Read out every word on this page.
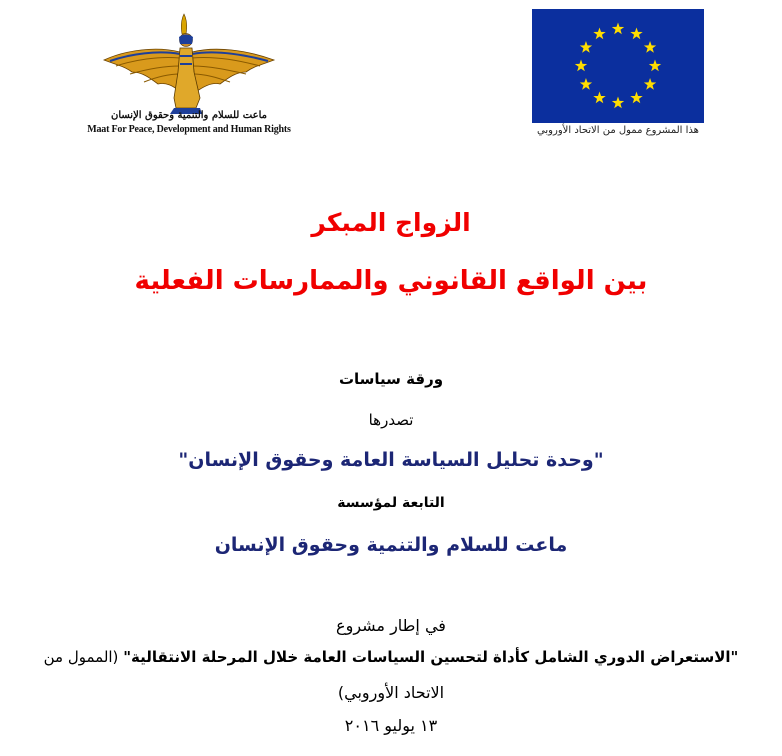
ماعت للسلام والتنمية وحقوق الإنسان
Maat For Peace, Development and Human Rights	هذا المشروع ممول من الاتحاد الأوروبي
الزواج المبكر
بين الواقع القانوني والممارسات الفعلية
ورقة سياسات
تصدرها
"وحدة تحليل السياسة العامة وحقوق الإنسان"
التابعة لمؤسسة
ماعت للسلام والتنمية وحقوق الإنسان
في إطار مشروع
"الاستعراض الدوري الشامل كأداة لتحسين السياسات العامة خلال المرحلة الانتقالية" (الممول من
الاتحاد الأوروبي)
١٣ يوليو ٢٠١٦
